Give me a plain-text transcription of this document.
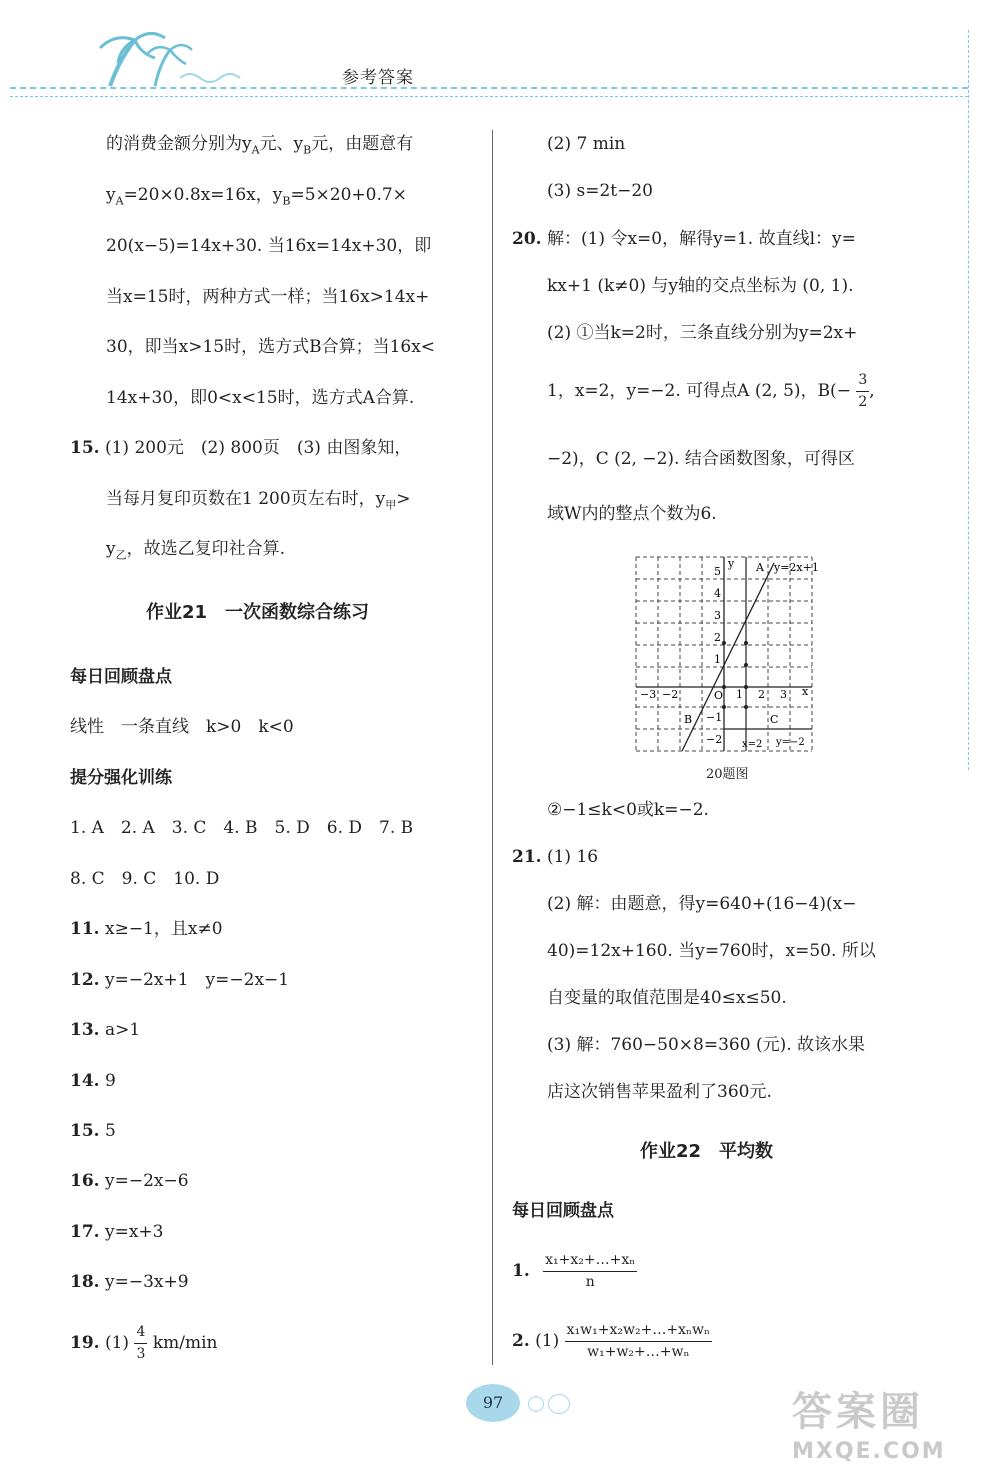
参考答案
的消费金额分别为$y_A$元、$y_B$元，由题意有
$y_A=20\times 0.8x=16x$，$y_B=5\times 20+0.7\times$
20(x−5)=14x+30. 当16x=14x+30，即
当x=15时，两种方式一样；当16x>14x+
30，即当x>15时，选方式B合算；当16x<
14x+30，即0<x<15时，选方式A合算.
15. (1) 200元　(2) 800页　(3) 由图象知，
当每月复印页数在1 200页左右时，$y_甲>$
$y_乙$，故选乙复印社合算.
作业21　一次函数综合练习
每日回顾盘点
线性　一条直线　k>0　k<0
提分强化训练
1. A　2. A　3. C　4. B　5. D　6. D　7. B
8. C　9. C　10. D
11. x≥−1，且x≠0
12. y=−2x+1　y=−2x−1
13. a>1
14. 9
15. 5
16. y=−2x−6
17. y=x+3
18. y=−3x+9
19. $(1) \frac{4}{3} km/\min$
(2) 7 min
(3) s=2t−20
20. 解：(1) 令x=0，解得y=1. 故直线l：y=
kx+1 (k≠0) 与y轴的交点坐标为 (0, 1).
(2) ①当k=2时，三条直线分别为y=2x+
1，x=2，y=−2. 可得点A (2, 5)，$B(- \frac{3}{2}$ ,
−2)，C (2, −2). 结合函数图象，可得区
域W内的整点个数为6.
A y=2x+1
B	C
O	x
y
x=2 y=−2
−3 −2	1 2 3
5
4
3
2
1
−1
−2
20题图
②−1≤k<0或k=−2.
21. (1) 16
(2) 解：由题意，得y=640+(16−4)(x−
40)=12x+160. 当y=760时，x=50. 所以
自变量的取值范围是40≤x≤50.
(3) 解：760−50×8=360 (元). 故该水果
店这次销售苹果盈利了360元.
作业22　平均数
每日回顾盘点
1. $\frac{\text{x₁+x₂+…+xₙ}}{n}$
2. $(1) \frac{\text{x₁w₁+x₂w₂+…+xₙwₙ}}{\text{w₁+w₂+…+wₙ}}$
97	答案圈
MXQE.COM
